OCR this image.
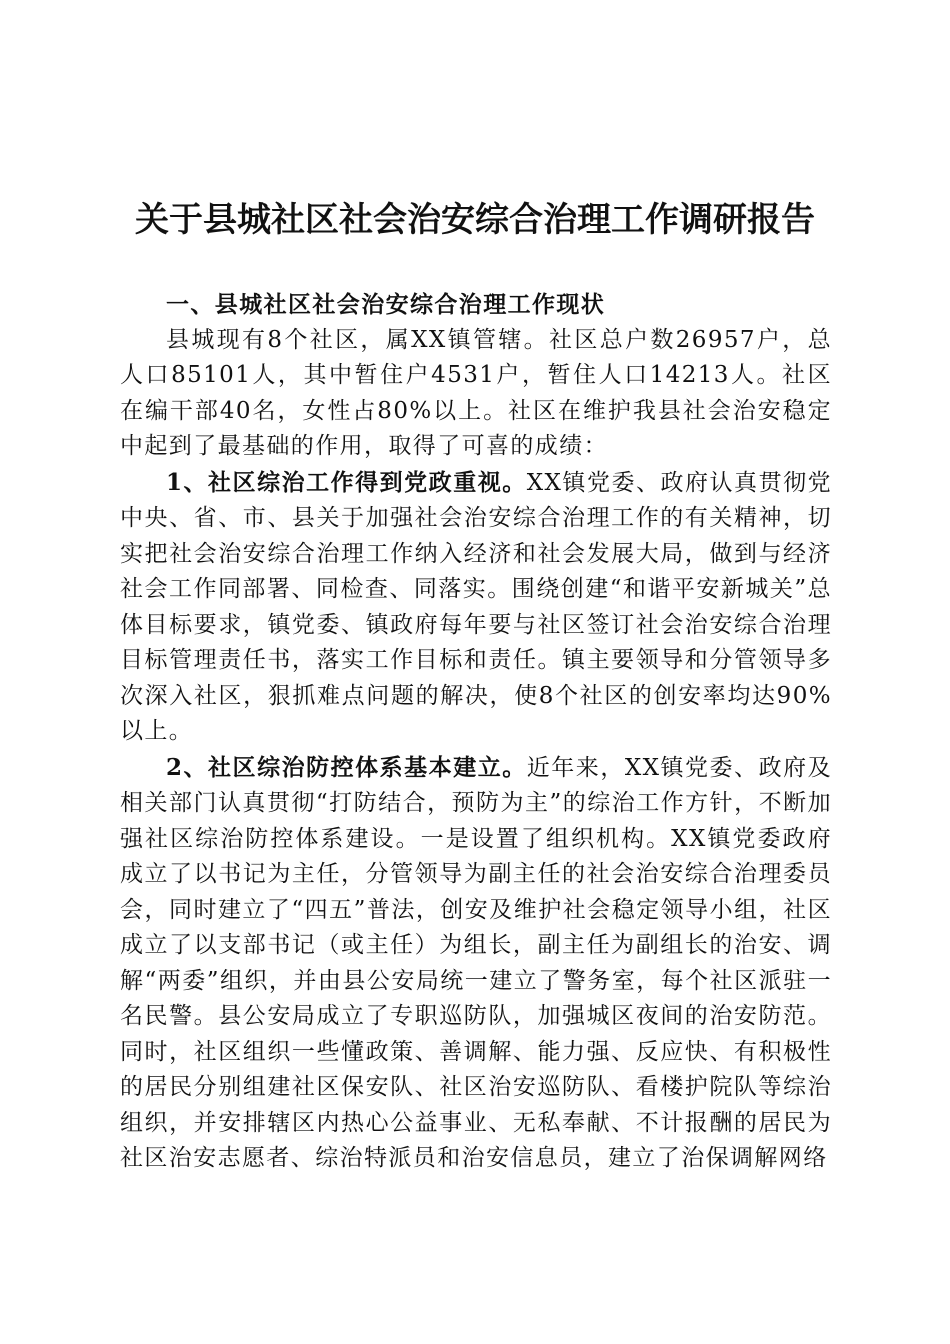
关于县城社区社会治安综合治理工作调研报告

一、县城社区社会治安综合治理工作现状

县城现有8个社区，属XX镇管辖。社区总户数26957户，总人口85101人，其中暂住户4531户，暂住人口14213人。社区在编干部40名，女性占80%以上。社区在维护我县社会治安稳定中起到了最基础的作用，取得了可喜的成绩：

1、社区综治工作得到党政重视。XX镇党委、政府认真贯彻党中央、省、市、县关于加强社会治安综合治理工作的有关精神，切实把社会治安综合治理工作纳入经济和社会发展大局，做到与经济社会工作同部署、同检查、同落实。围绕创建“和谐平安新城关”总体目标要求，镇党委、镇政府每年要与社区签订社会治安综合治理目标管理责任书，落实工作目标和责任。镇主要领导和分管领导多次深入社区，狠抓难点问题的解决，使8个社区的创安率均达90%以上。

2、社区综治防控体系基本建立。近年来，XX镇党委、政府及相关部门认真贯彻“打防结合，预防为主”的综治工作方针，不断加强社区综治防控体系建设。一是设置了组织机构。XX镇党委政府成立了以书记为主任，分管领导为副主任的社会治安综合治理委员会，同时建立了“四五”普法，创安及维护社会稳定领导小组，社区成立了以支部书记（或主任）为组长，副主任为副组长的治安、调解“两委”组织，并由县公安局统一建立了警务室，每个社区派驻一名民警。县公安局成立了专职巡防队，加强城区夜间的治安防范。同时，社区组织一些懂政策、善调解、能力强、反应快、有积极性的居民分别组建社区保安队、社区治安巡防队、看楼护院队等综治组织，并安排辖区内热心公益事业、无私奉献、不计报酬的居民为社区治安志愿者、综治特派员和治安信息员，建立了治保调解网络
